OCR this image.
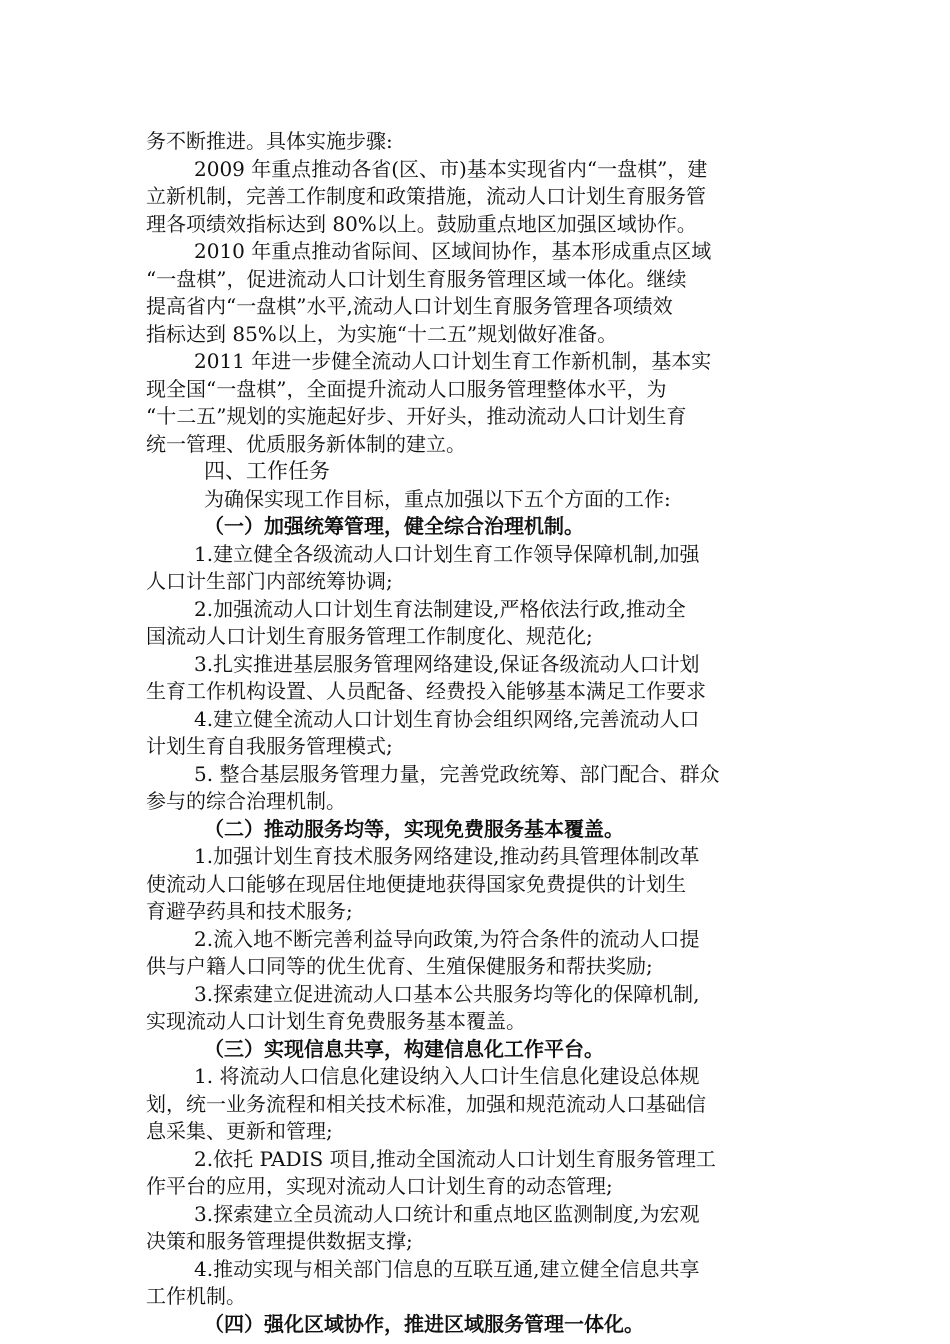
务不断推进。具体实施步骤:
2009 年重点推动各省(区、市)基本实现省内“一盘棋”，建
立新机制，完善工作制度和政策措施，流动人口计划生育服务管
理各项绩效指标达到 80%以上。鼓励重点地区加强区域协作。
2010 年重点推动省际间、区域间协作，基本形成重点区域
“一盘棋”，促进流动人口计划生育服务管理区域一体化。继续
提高省内“一盘棋”水平,流动人口计划生育服务管理各项绩效
指标达到 85%以上，为实施“十二五”规划做好准备。
2011 年进一步健全流动人口计划生育工作新机制，基本实
现全国“一盘棋”，全面提升流动人口服务管理整体水平，为
“十二五”规划的实施起好步、开好头，推动流动人口计划生育
统一管理、优质服务新体制的建立。
四、工作任务
为确保实现工作目标，重点加强以下五个方面的工作:
（一）加强统筹管理，健全综合治理机制。
1.建立健全各级流动人口计划生育工作领导保障机制,加强
人口计生部门内部统筹协调;
2.加强流动人口计划生育法制建设,严格依法行政,推动全
国流动人口计划生育服务管理工作制度化、规范化;
3.扎实推进基层服务管理网络建设,保证各级流动人口计划
生育工作机构设置、人员配备、经费投入能够基本满足工作要求
4.建立健全流动人口计划生育协会组织网络,完善流动人口
计划生育自我服务管理模式;
5. 整合基层服务管理力量，完善党政统筹、部门配合、群众
参与的综合治理机制。
（二）推动服务均等，实现免费服务基本覆盖。
1.加强计划生育技术服务网络建设,推动药具管理体制改革
使流动人口能够在现居住地便捷地获得国家免费提供的计划生
育避孕药具和技术服务;
2.流入地不断完善利益导向政策,为符合条件的流动人口提
供与户籍人口同等的优生优育、生殖保健服务和帮扶奖励;
3.探索建立促进流动人口基本公共服务均等化的保障机制,
实现流动人口计划生育免费服务基本覆盖。
（三）实现信息共享，构建信息化工作平台。
1. 将流动人口信息化建设纳入人口计生信息化建设总体规
划，统一业务流程和相关技术标准，加强和规范流动人口基础信
息采集、更新和管理;
2.依托 PADIS 项目,推动全国流动人口计划生育服务管理工
作平台的应用，实现对流动人口计划生育的动态管理;
3.探索建立全员流动人口统计和重点地区监测制度,为宏观
决策和服务管理提供数据支撑;
4.推动实现与相关部门信息的互联互通,建立健全信息共享
工作机制。
（四）强化区域协作，推进区域服务管理一体化。
